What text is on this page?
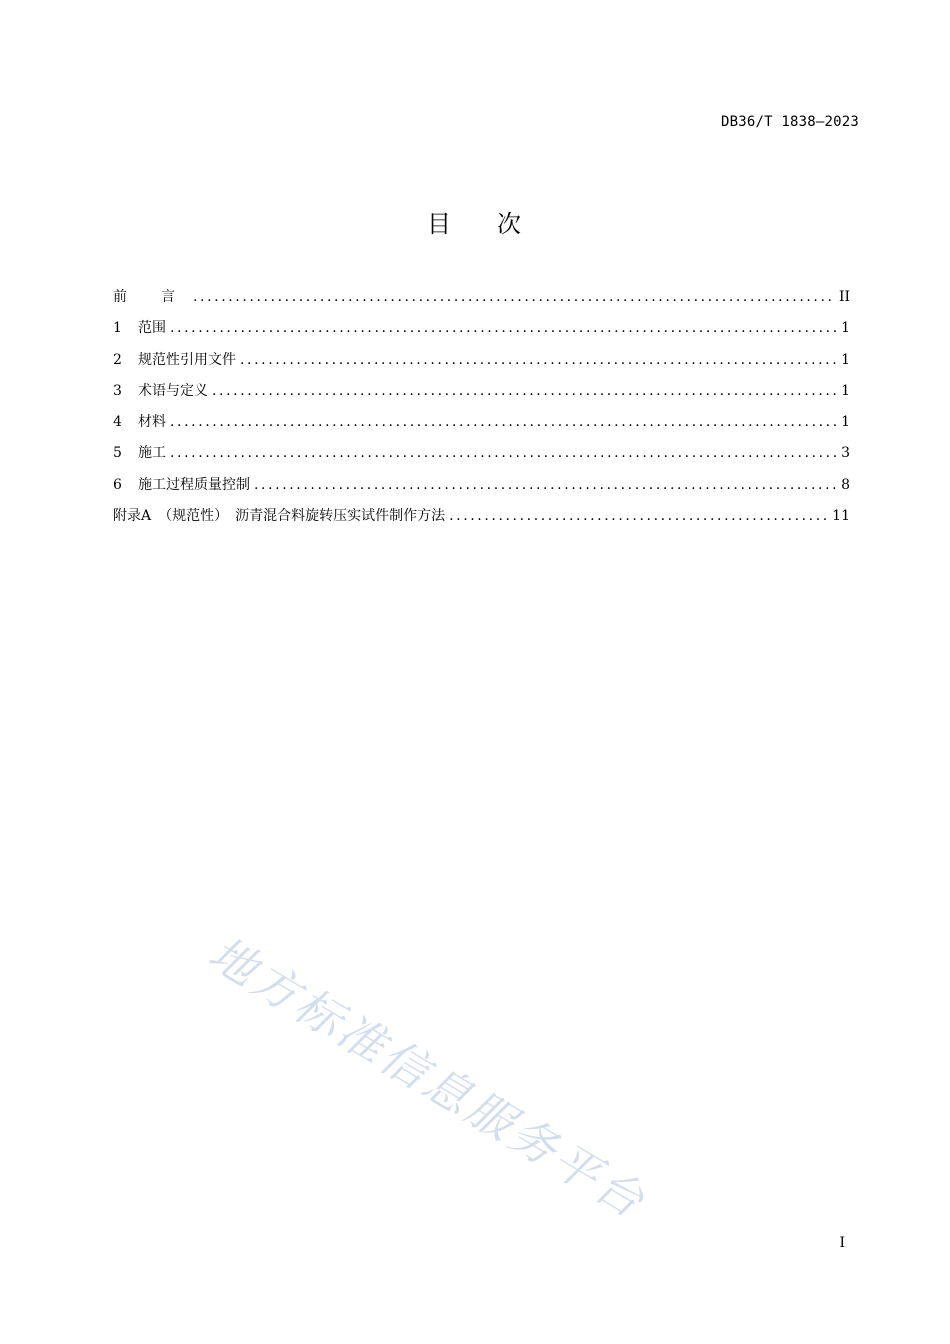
DB36/T 1838—2023
目 次
前言 .....	II
1	范围 .....	1
2	规范性引用文件 .....	1
3	术语与定义 .....	1
4	材料 .....	1
5	施工 .....	3
6	施工过程质量控制 .....	8
附录A　（规范性）　沥青混合料旋转压实试件制作方法 .....	11
地方标准信息服务平台
I
